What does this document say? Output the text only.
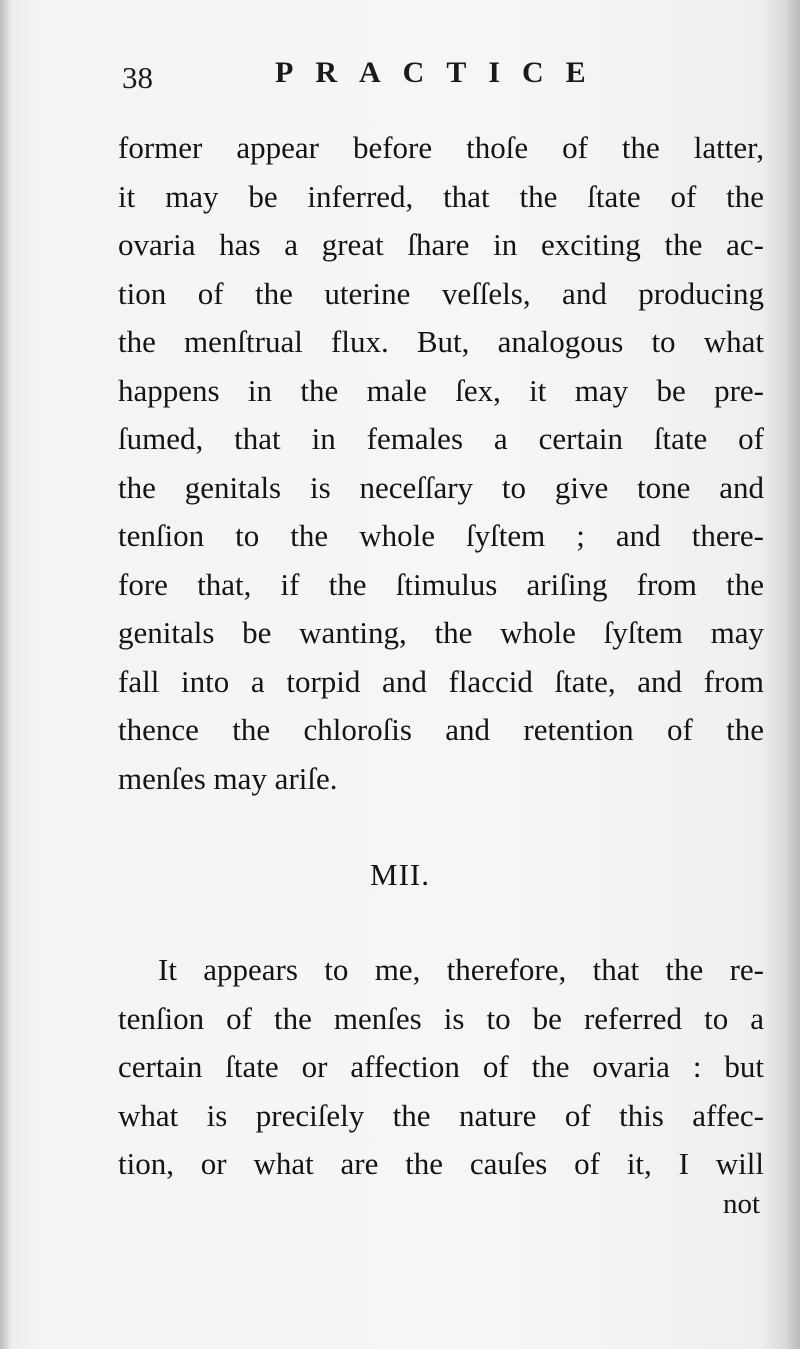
38	PRACTICE
former appear before thoſe of the latter,
it may be inferred, that the ſtate of the
ovaria has a great ſhare in exciting the ac-
tion of the uterine veſſels, and producing
the menſtrual flux. But, analogous to what
happens in the male ſex, it may be pre-
ſumed, that in females a certain ſtate of
the genitals is neceſſary to give tone and
tenſion to the whole ſyſtem ; and there-
fore that, if the ſtimulus ariſing from the
genitals be wanting, the whole ſyſtem may
fall into a torpid and flaccid ſtate, and from
thence the chloroſis and retention of the
menſes may ariſe.
MII.
It appears to me, therefore, that the re-
tenſion of the menſes is to be referred to a
certain ſtate or affection of the ovaria : but
what is preciſely the nature of this affec-
tion, or what are the cauſes of it, I will
not
